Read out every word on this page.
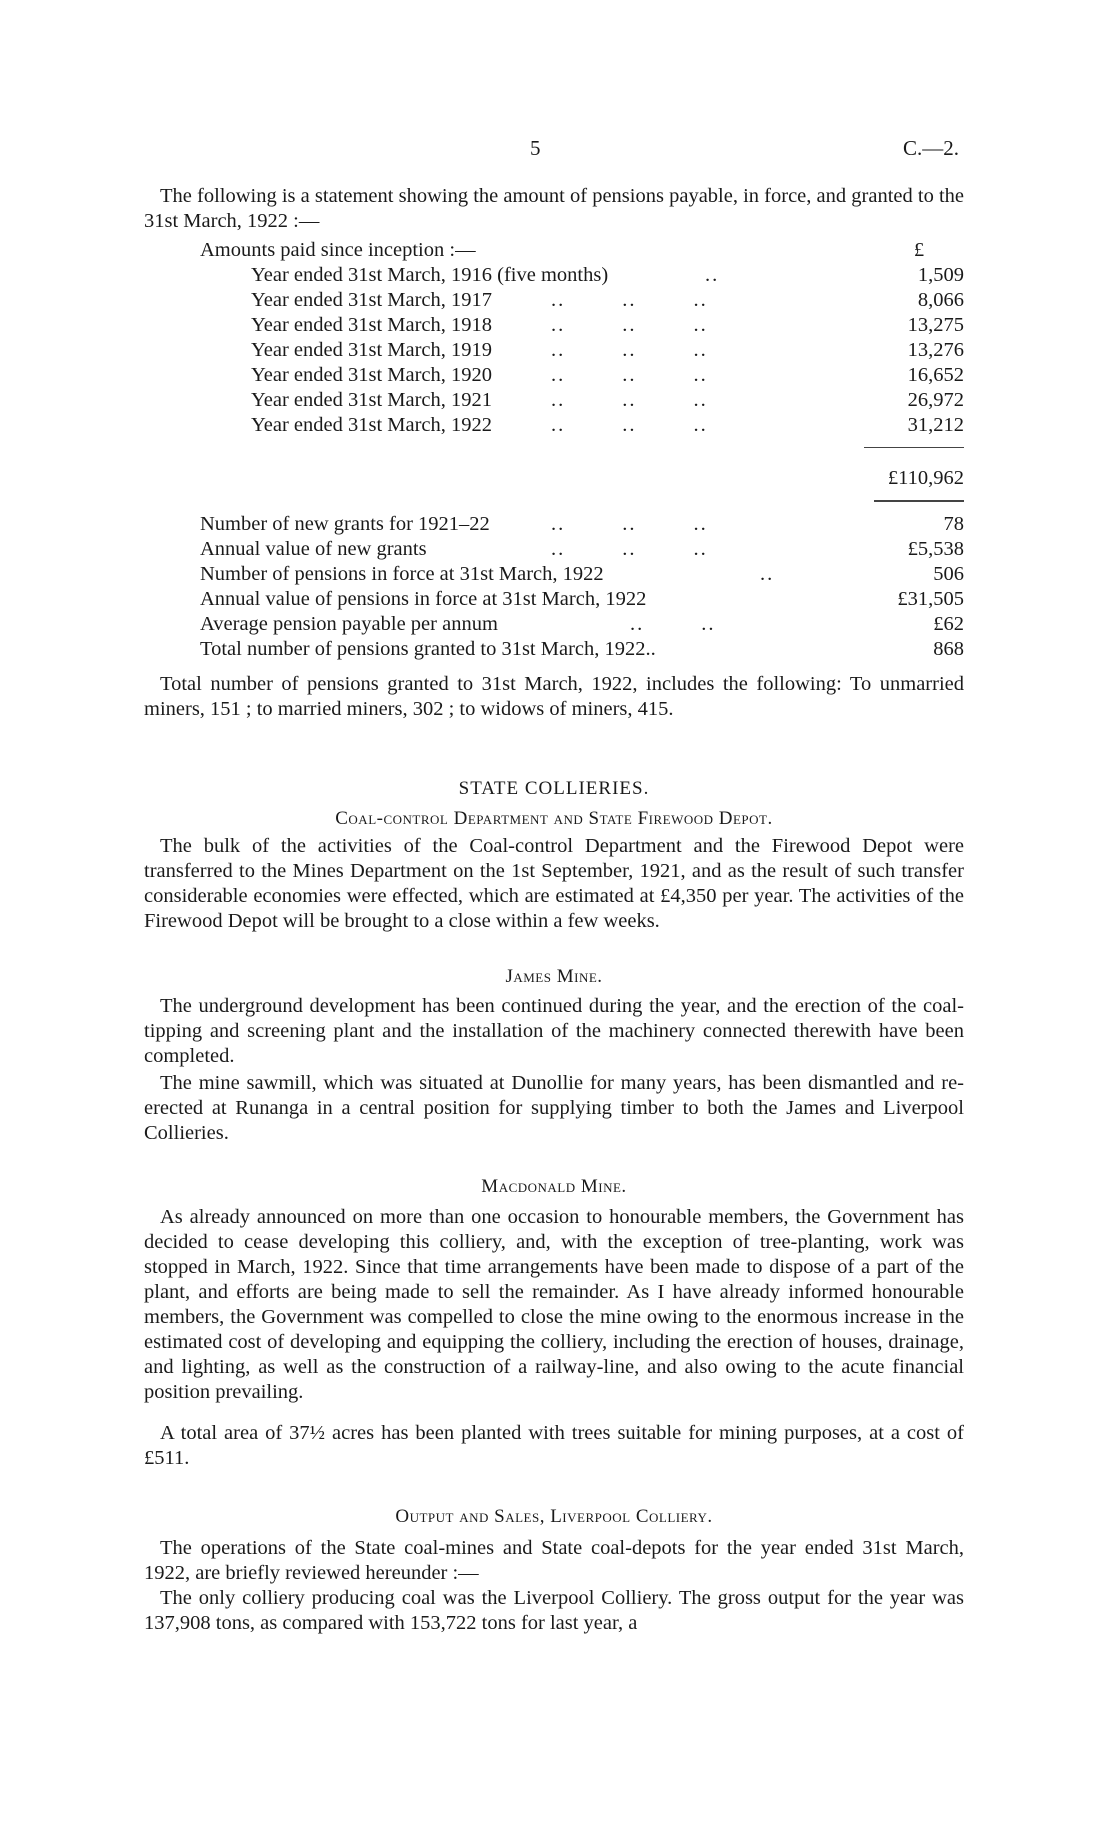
5	C.—2.

The following is a statement showing the amount of pensions payable, in force, and granted to the 31st March, 1922 :—

Amounts paid since inception :—	£
Year ended 31st March, 1916 (five months)	..	1,509
Year ended 31st March, 1917	..        ..        ..	8,066
Year ended 31st March, 1918	..        ..        ..	13,275
Year ended 31st March, 1919	..        ..        ..	13,276
Year ended 31st March, 1920	..        ..        ..	16,652
Year ended 31st March, 1921	..        ..        ..	26,972
Year ended 31st March, 1922	..        ..        ..	31,212
£110,962
Number of new grants for 1921–22	..        ..        ..	78
Annual value of new grants	..        ..        ..	£5,538
Number of pensions in force at 31st March, 1922	..	506
Annual value of pensions in force at 31st March, 1922	£31,505
Average pension payable per annum	..        ..	£62
Total number of pensions granted to 31st March, 1922..	868

Total number of pensions granted to 31st March, 1922, includes the following: To unmarried miners, 151 ; to married miners, 302 ; to widows of miners, 415.

STATE COLLIERIES.
Coal-control Department and State Firewood Depot.

The bulk of the activities of the Coal-control Department and the Firewood Depot were transferred to the Mines Department on the 1st September, 1921, and as the result of such transfer considerable economies were effected, which are estimated at £4,350 per year. The activities of the Firewood Depot will be brought to a close within a few weeks.

James Mine.

The underground development has been continued during the year, and the erection of the coal-tipping and screening plant and the installation of the machinery connected therewith have been completed.

The mine sawmill, which was situated at Dunollie for many years, has been dismantled and re-erected at Runanga in a central position for supplying timber to both the James and Liverpool Collieries.

Macdonald Mine.

As already announced on more than one occasion to honourable members, the Government has decided to cease developing this colliery, and, with the exception of tree-planting, work was stopped in March, 1922. Since that time arrangements have been made to dispose of a part of the plant, and efforts are being made to sell the remainder. As I have already informed honourable members, the Government was compelled to close the mine owing to the enormous increase in the estimated cost of developing and equipping the colliery, including the erection of houses, drainage, and lighting, as well as the construction of a railway-line, and also owing to the acute financial position prevailing.

A total area of 37½ acres has been planted with trees suitable for mining purposes, at a cost of £511.

Output and Sales, Liverpool Colliery.

The operations of the State coal-mines and State coal-depots for the year ended 31st March, 1922, are briefly reviewed hereunder :—

The only colliery producing coal was the Liverpool Colliery. The gross output for the year was 137,908 tons, as compared with 153,722 tons for last year, a
